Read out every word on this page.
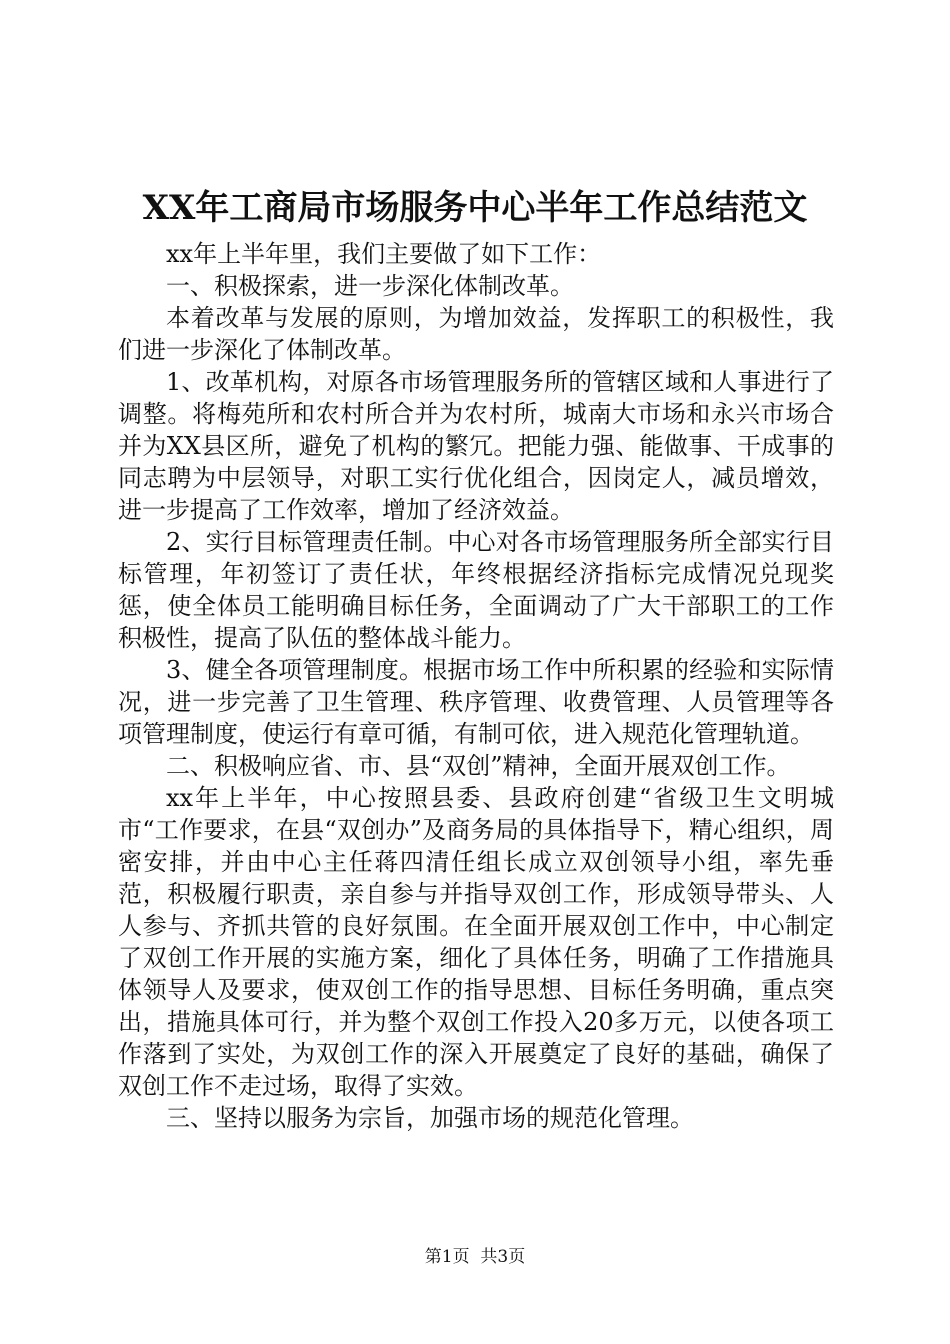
XX年工商局市场服务中心半年工作总结范文

xx年上半年里，我们主要做了如下工作：

一、积极探索，进一步深化体制改革。

本着改革与发展的原则，为增加效益，发挥职工的积极性，我们进一步深化了体制改革。

1、改革机构，对原各市场管理服务所的管辖区域和人事进行了调整。将梅苑所和农村所合并为农村所，城南大市场和永兴市场合并为XX县区所，避免了机构的繁冗。把能力强、能做事、干成事的同志聘为中层领导，对职工实行优化组合，因岗定人，减员增效，进一步提高了工作效率，增加了经济效益。

2、实行目标管理责任制。中心对各市场管理服务所全部实行目标管理，年初签订了责任状，年终根据经济指标完成情况兑现奖惩，使全体员工能明确目标任务，全面调动了广大干部职工的工作积极性，提高了队伍的整体战斗能力。

3、健全各项管理制度。根据市场工作中所积累的经验和实际情况，进一步完善了卫生管理、秩序管理、收费管理、人员管理等各项管理制度，使运行有章可循，有制可依，进入规范化管理轨道。

二、积极响应省、市、县“双创”精神，全面开展双创工作。

xx年上半年，中心按照县委、县政府创建“省级卫生文明城市“工作要求，在县“双创办”及商务局的具体指导下，精心组织，周密安排，并由中心主任蒋四清任组长成立双创领导小组，率先垂范，积极履行职责，亲自参与并指导双创工作，形成领导带头、人人参与、齐抓共管的良好氛围。在全面开展双创工作中，中心制定了双创工作开展的实施方案，细化了具体任务，明确了工作措施具体领导人及要求，使双创工作的指导思想、目标任务明确，重点突出，措施具体可行，并为整个双创工作投入20多万元，以使各项工作落到了实处，为双创工作的深入开展奠定了良好的基础，确保了双创工作不走过场，取得了实效。

三、坚持以服务为宗旨，加强市场的规范化管理。

第1页 共3页
